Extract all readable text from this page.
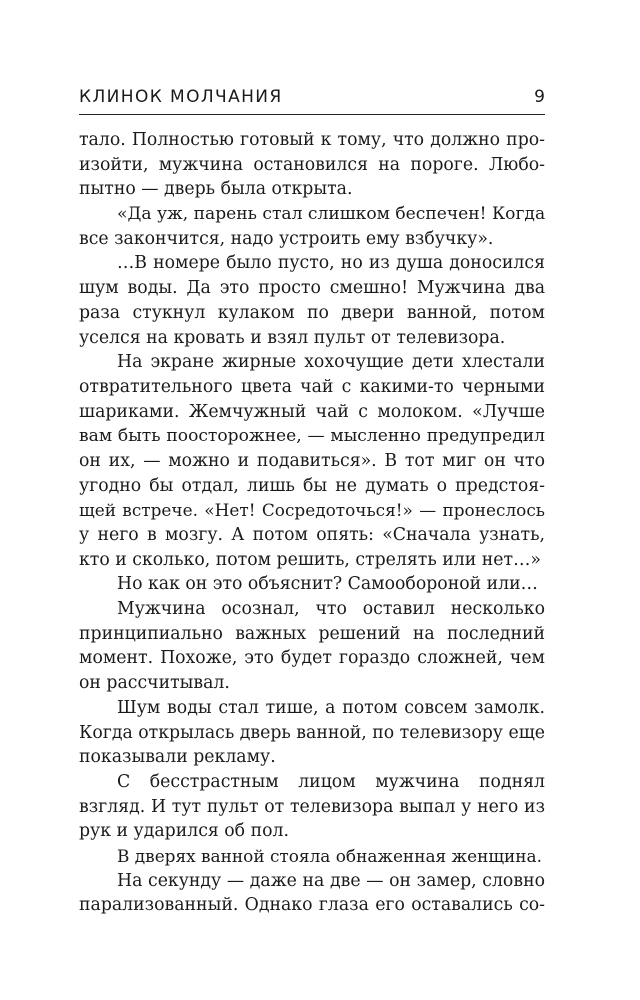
КЛИНОК МОЛЧАНИЯ	9
тало. Полностью готовый к тому, что должно про-
изойти, мужчина остановился на пороге. Любо-
пытно — дверь была открыта.
«Да уж, парень стал слишком беспечен! Когда
все закончится, надо устроить ему взбучку».
…В номере было пусто, но из душа доносился
шум воды. Да это просто смешно! Мужчина два
раза стукнул кулаком по двери ванной, потом
уселся на кровать и взял пульт от телевизора.
На экране жирные хохочущие дети хлестали
отвратительного цвета чай с какими-то черными
шариками. Жемчужный чай с молоком. «Лучше
вам быть поосторожнее, — мысленно предупредил
он их, — можно и подавиться». В тот миг он что
угодно бы отдал, лишь бы не думать о предстоя-
щей встрече. «Нет! Сосредоточься!» — пронеслось
у него в мозгу. А потом опять: «Сначала узнать,
кто и сколько, потом решить, стрелять или нет…»
Но как он это объяснит? Самообороной или…
Мужчина осознал, что оставил несколько
принципиально важных решений на последний
момент. Похоже, это будет гораздо сложней, чем
он рассчитывал.
Шум воды стал тише, а потом совсем замолк.
Когда открылась дверь ванной, по телевизору еще
показывали рекламу.
С бесстрастным лицом мужчина поднял
взгляд. И тут пульт от телевизора выпал у него из
рук и ударился об пол.
В дверях ванной стояла обнаженная женщина.
На секунду — даже на две — он замер, словно
парализованный. Однако глаза его оставались со-
